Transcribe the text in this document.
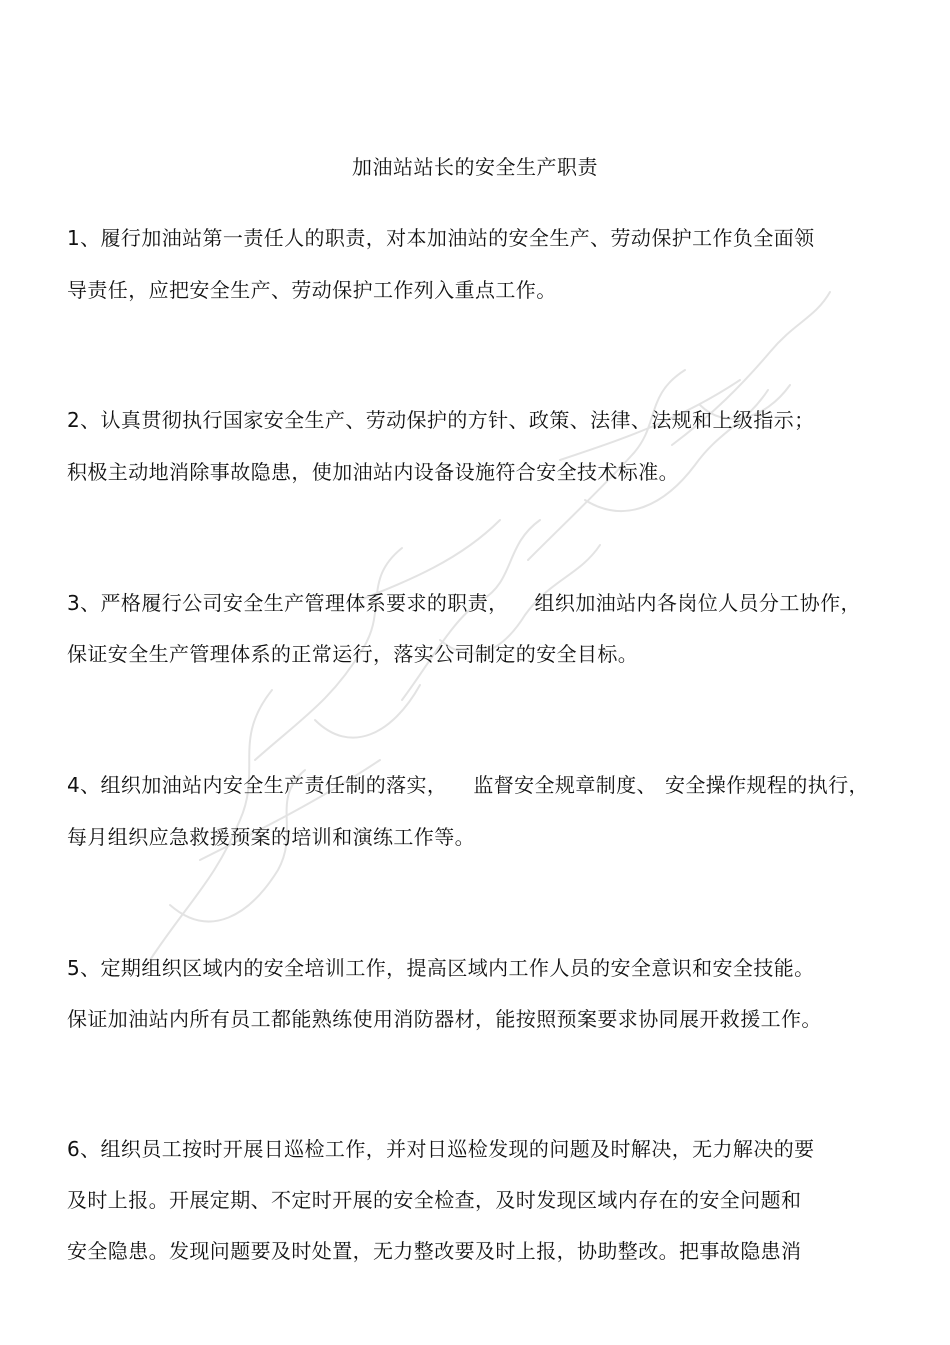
加油站站长的安全生产职责
1、履行加油站第一责任人的职责，对本加油站的安全生产、劳动保护工作负全面领
导责任，应把安全生产、劳动保护工作列入重点工作。
2、认真贯彻执行国家安全生产、劳动保护的方针、政策、法律、法规和上级指示；
积极主动地消除事故隐患，使加油站内设备设施符合安全技术标准。
3、严格履行公司安全生产管理体系要求的职责， 组织加油站内各岗位人员分工协作，
保证安全生产管理体系的正常运行，落实公司制定的安全目标。
4、组织加油站内安全生产责任制的落实， 监督安全规章制度、 安全操作规程的执行，
每月组织应急救援预案的培训和演练工作等。
5、定期组织区域内的安全培训工作，提高区域内工作人员的安全意识和安全技能。
保证加油站内所有员工都能熟练使用消防器材，能按照预案要求协同展开救援工作。
6、组织员工按时开展日巡检工作，并对日巡检发现的问题及时解决，无力解决的要
及时上报。开展定期、不定时开展的安全检查，及时发现区域内存在的安全问题和
安全隐患。发现问题要及时处置，无力整改要及时上报，协助整改。把事故隐患消
